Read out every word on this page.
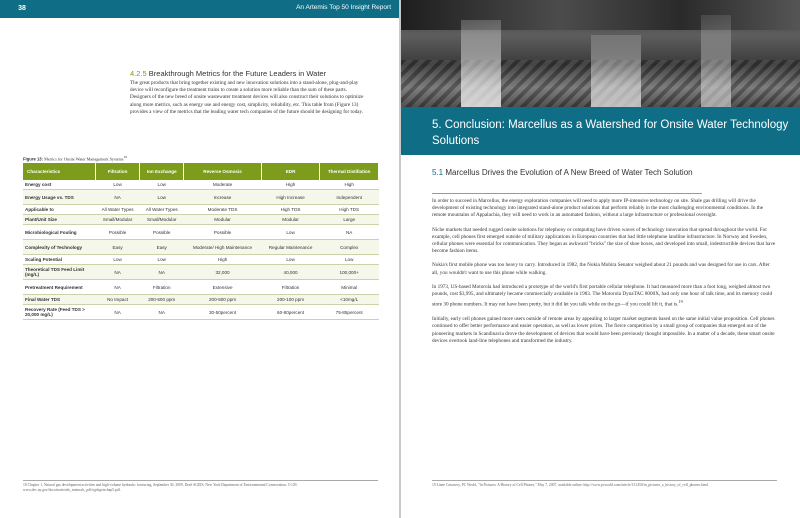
38	An Artemis Top 50 Insight Report
4.2.5 Breakthrough Metrics for the Future Leaders in Water
The great products that bring together existing and new innovation solutions into a stand-alone, plug-and-play device will reconfigure the treatment trains to create a solution more reliable than the sum of these parts. Designers of the new breed of onsite wastewater treatment devices will also construct their solutions to optimize along more metrics, such as energy use and energy cost, simplicity, reliability, etc. This table from (Figure 13) provides a view of the metrics that the leading water tech companies of the future should be designing for today.
Figure 13: Metrics for Onsite Water Management Systems$^{18}$
Characteristics	Filtration	Ion Exchange	Reverse Osmosis	EDR	Thermal Distillation
Energy cost	Low	Low	Moderate	High	High
Energy Usage vs. TDS	NA	Low	Increase	High Increase	Independent
Applicable to	All Water Types	All Water Types	Moderate TDS	High TDS	High TDS
Plant/Unit Size	Small/Modular	Small/Modular	Modular	Modular	Large
Microbiological Fouling	Possible	Possible	Possible	Low	NA
Complexity of Technology	Easy	Easy	Moderate/ High Maintenance	Regular Maintenance	Complex
Scaling Potential	Low	Low	High	Low	Low
Theoretical TDS Feed Limit (mg/L)	NA	NA	32,000	40,000	100,000+
Pretreatment Requirement	NA	Filtration	Extensive	Filtration	Minimal
Final Water TDS	No Impact	200-500 ppm	200-500 ppm	200-100 ppm	<10mg/L
Recovery Rate (Feed TDS > 20,000 mg/L)	NA	NA	30-50percent	60-80percent	75-85percent
18 Chapter 1, Natural gas development activities and high-volume hydraulic fracturing, September 30, 2009, Draft SGEIS, New York Department of Environmental Conservation, 5-129. www.dec.ny.gov/docs/materials_minerals_pdf/ogdsgeischap5.pdf.
5. Conclusion: Marcellus as a Watershed for Onsite Water Technology Solutions
5.1 Marcellus Drives the Evolution of A New Breed of Water Tech Solution

In order to succeed in Marcellus, the energy exploration companies will need to apply more IP-intensive technology on site. Shale gas drilling will drive the development of existing technology into integrated stand-alone product solutions that perform reliably in the most challenging environmental conditions. In the remote mountains of Appalachia, they will need to work in an automated fashion, without a large infrastructure or professional oversight.

Niche markets that needed rugged onsite solutions for telephony or computing have driven waves of technology innovation that spread throughout the world. For example, cell phones first emerged outside of military applications in European countries that had little telephone landline infrastructure. In Norway and Sweden, cellular phones were essential for communication. They began as awkward "bricks" the size of shoe boxes, and developed into small, indestructible devices that have become fashion items.

Nokia's first mobile phone was too heavy to carry. Introduced in 1982, the Nokia Mobira Senator weighed about 21 pounds and was designed for use in cars. After all, you wouldn't want to use this phone while walking.

In 1973, US-based Motorola had introduced a prototype of the world's first portable cellular telephone. It had measured more than a foot long, weighed almost two pounds, cost $3,995, and ultimately became commercially available in 1983. The Motorola DynaTAC 8000X, had only one hour of talk time, and its memory could store 30 phone numbers. It may not have been pretty, but it did let you talk while on the go—if you could lift it, that is.$^{19}$

Initially, early cell phones gained more users outside of remote areas by appealing to larger market segments based on the same initial value proposition. Cell phones continued to offer better performance and easier operation, as well as lower prices. The fierce competition by a small group of companies that emerged out of the pioneering markets in Scandinavia drove the development of devices that would have been previously thought impossible. In a matter of a decade, these smart onsite devices overtook land-line telephones and transformed the industry.

19 Liane Cassavoy, PC World, "In Pictures: A History of Cell Phones," May 7, 2007, available online: http://www.pcworld.com/article/131450/in_pictures_a_history_of_cell_phones.html.
